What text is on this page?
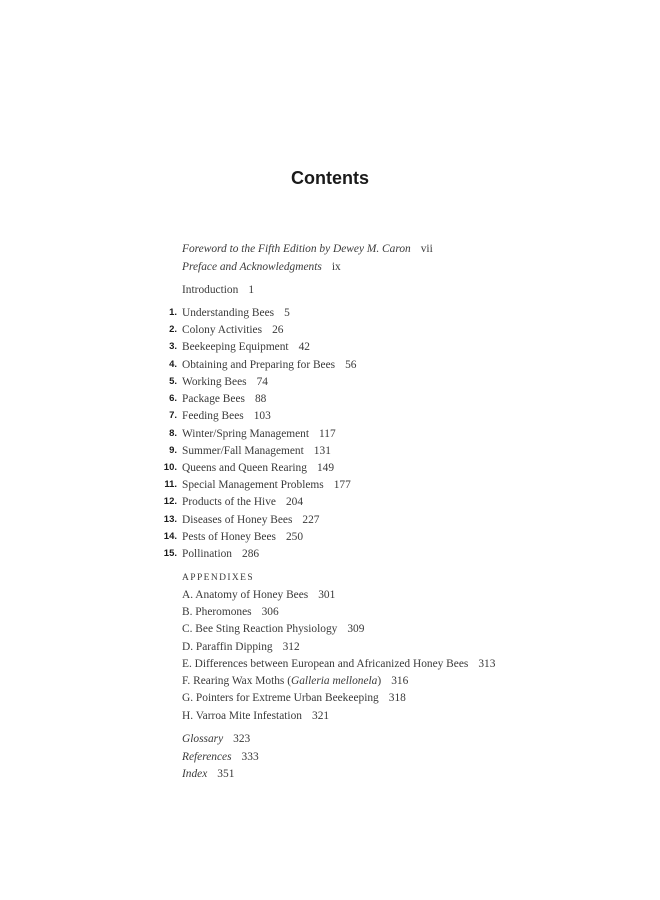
Contents
Foreword to the Fifth Edition by Dewey M. Caron vii
Preface and Acknowledgments ix
Introduction 1
1. Understanding Bees 5
2. Colony Activities 26
3. Beekeeping Equipment 42
4. Obtaining and Preparing for Bees 56
5. Working Bees 74
6. Package Bees 88
7. Feeding Bees 103
8. Winter/Spring Management 117
9. Summer/Fall Management 131
10. Queens and Queen Rearing 149
11. Special Management Problems 177
12. Products of the Hive 204
13. Diseases of Honey Bees 227
14. Pests of Honey Bees 250
15. Pollination 286
APPENDIXES
A. Anatomy of Honey Bees 301
B. Pheromones 306
C. Bee Sting Reaction Physiology 309
D. Paraffin Dipping 312
E. Differences between European and Africanized Honey Bees 313
F. Rearing Wax Moths (Galleria mellonela) 316
G. Pointers for Extreme Urban Beekeeping 318
H. Varroa Mite Infestation 321
Glossary 323
References 333
Index 351
